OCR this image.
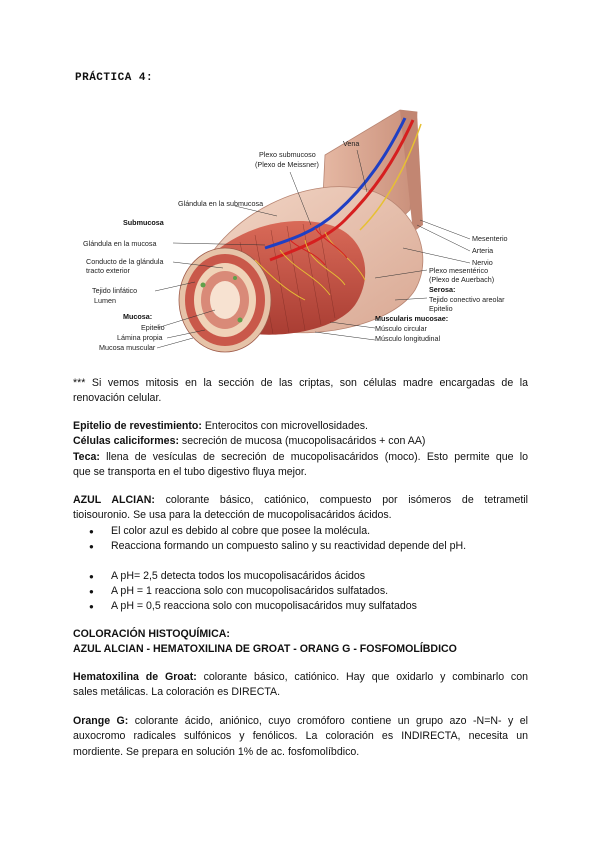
PRÁCTICA 4:
Vena
Plexo submucoso
(Plexo de Meissner)
Glándula en la submucosa
Submucosa
Glándula en la mucosa
Conducto de la glándula
tracto exterior
Tejido linfático
Lumen
Mucosa:
Epitelio
Lámina propia
Mucosa muscular
Mesenterio
Arteria
Nervio
Plexo mesentérico
(Plexo de Auerbach)
Serosa:
Tejido conectivo areolar
Epitelio
Muscularis mucosae:
Músculo circular
Músculo longitudinal
*** Si vemos mitosis en la sección de las criptas, son células madre encargadas de la
renovación celular.
Epitelio de revestimiento: Enterocitos con microvellosidades.
Células caliciformes: secreción de mucosa (mucopolisacáridos + con AA)
Teca: llena de vesículas de secreción de mucopolisacáridos (moco). Esto permite que lo
que se transporta en el tubo digestivo fluya mejor.
AZUL ALCIAN: colorante básico, catiónico, compuesto por isómeros de tetrametil
tioisouronio. Se usa para la detección de mucopolisacáridos ácidos.
● El color azul es debido al cobre que posee la molécula.
● Reacciona formando un compuesto salino y su reactividad depende del pH.
● A pH= 2,5 detecta todos los mucopolisacáridos ácidos
● A pH = 1 reacciona solo con mucopolisacáridos sulfatados.
● A pH = 0,5 reacciona solo con mucopolisacáridos muy sulfatados
COLORACIÓN HISTOQUÍMICA:
AZUL ALCIAN - HEMATOXILINA DE GROAT - ORANG G - FOSFOMOLÍBDICO
Hematoxilina de Groat: colorante básico, catiónico. Hay que oxidarlo y combinarlo con
sales metálicas. La coloración es DIRECTA.
Orange G: colorante ácido, aniónico, cuyo cromóforo contiene un grupo azo -N=N- y el
auxocromo radicales sulfónicos y fenólicos. La coloración es INDIRECTA, necesita un
mordiente. Se prepara en solución 1% de ac. fosfomolíbdico.
